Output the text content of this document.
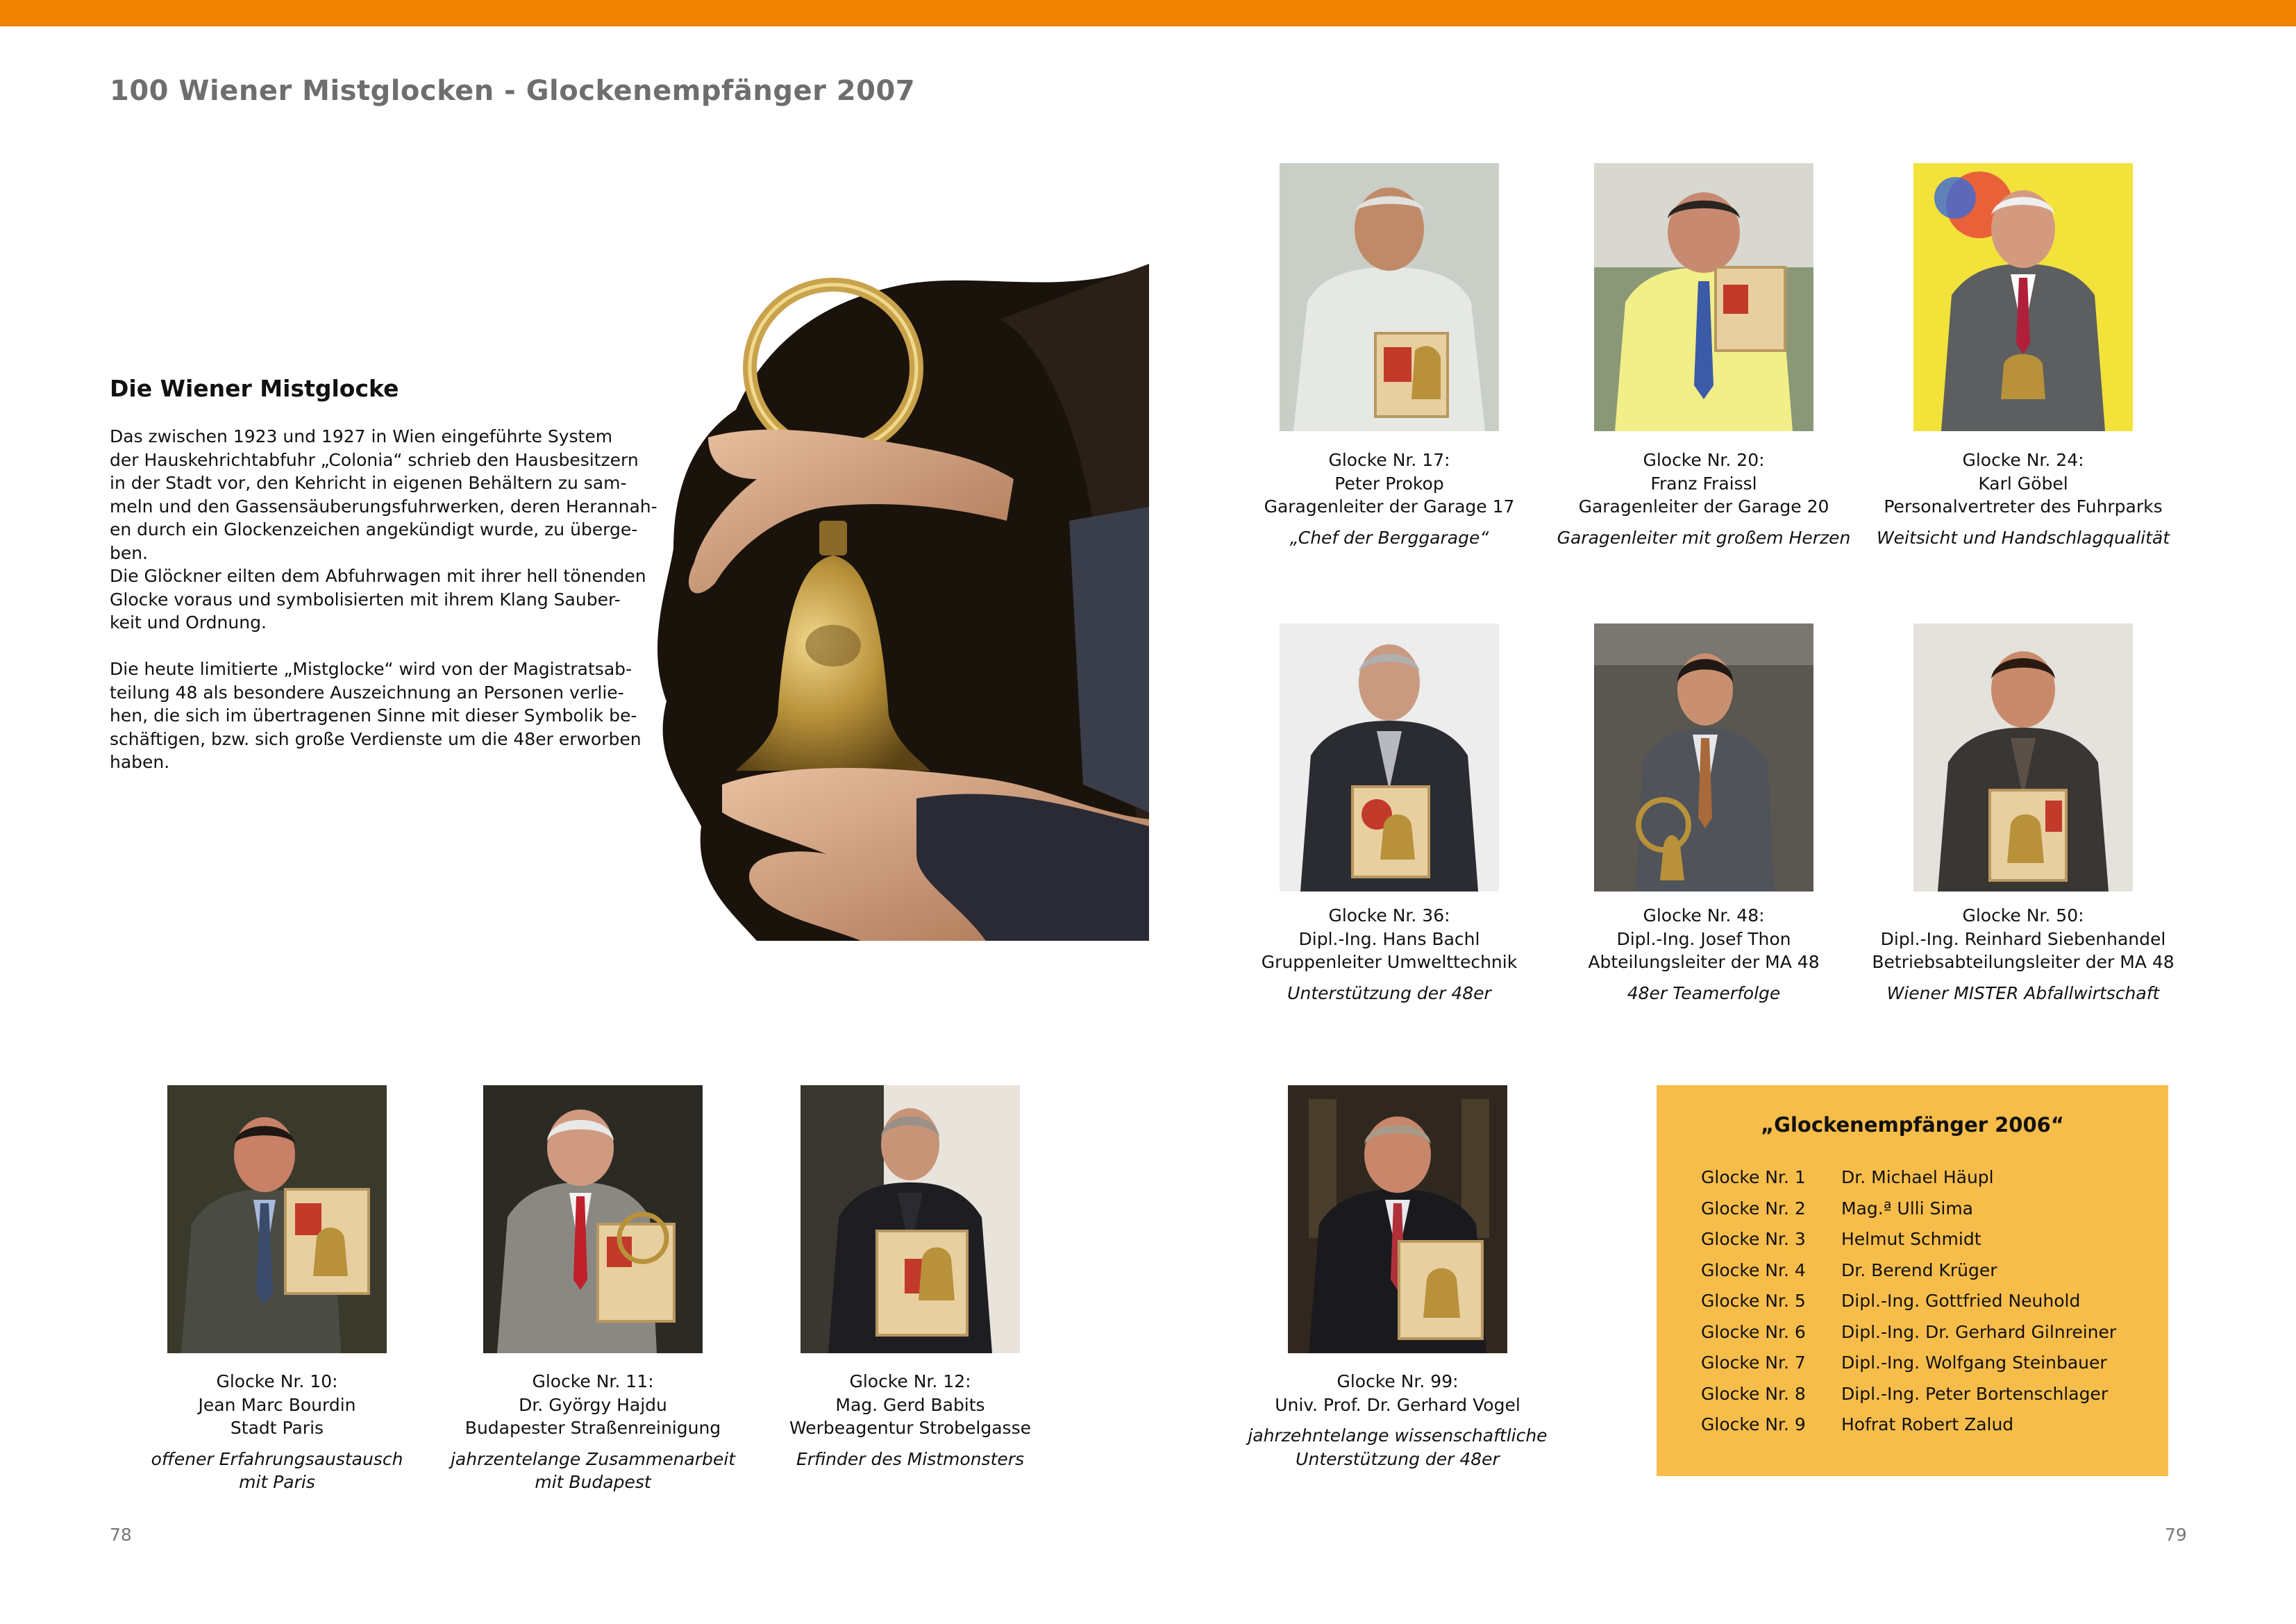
100 Wiener Mistglocken - Glockenempfänger 2007
Die Wiener Mistglocke

Das zwischen 1923 und 1927 in Wien eingeführte System

der Hauskehrichtabfuhr „Colonia“ schrieb den Hausbesitzern

in der Stadt vor, den Kehricht in eigenen Behältern zu sam-

meln und den Gassensäuberungsfuhrwerken, deren Herannah-

en durch ein Glockenzeichen angekündigt wurde, zu überge-

ben.

Die Glöckner eilten dem Abfuhrwagen mit ihrer hell tönenden

Glocke voraus und symbolisierten mit ihrem Klang Sauber-

keit und Ordnung.

Die heute limitierte „Mistglocke“ wird von der Magistratsab-

teilung 48 als besondere Auszeichnung an Personen verlie-

hen, die sich im übertragenen Sinne mit dieser Symbolik be-

schäftigen, bzw. sich große Verdienste um die 48er erworben

haben.

Glocke Nr. 17:
Peter Prokop
Garagenleiter der Garage 17
„Chef der Berggarage“
Glocke Nr. 20:
Franz Fraissl
Garagenleiter der Garage 20
Garagenleiter mit großem Herzen
Glocke Nr. 24:
Karl Göbel
Personalvertreter des Fuhrparks
Weitsicht und Handschlagqualität
Glocke Nr. 36:
Dipl.-Ing. Hans Bachl
Gruppenleiter Umwelttechnik
Unterstützung der 48er
Glocke Nr. 48:
Dipl.-Ing. Josef Thon
Abteilungsleiter der MA 48
48er Teamerfolge
Glocke Nr. 50:
Dipl.-Ing. Reinhard Siebenhandel
Betriebsabteilungsleiter der MA 48
Wiener MISTER Abfallwirtschaft
Glocke Nr. 10:
Jean Marc Bourdin
Stadt Paris
offener Erfahrungsaustausch
mit Paris
Glocke Nr. 11:
Dr. György Hajdu
Budapester Straßenreinigung
jahrzentelange Zusammenarbeit
mit Budapest
Glocke Nr. 12:
Mag. Gerd Babits
Werbeagentur Strobelgasse
Erfinder des Mistmonsters
Glocke Nr. 99:
Univ. Prof. Dr. Gerhard Vogel
jahrzehntelange wissenschaftliche
Unterstützung der 48er
„Glockenempfänger 2006“
Glocke Nr. 1 Dr. Michael Häupl
Glocke Nr. 2 Mag.ª Ulli Sima
Glocke Nr. 3 Helmut Schmidt
Glocke Nr. 4 Dr. Berend Krüger
Glocke Nr. 5 Dipl.-Ing. Gottfried Neuhold
Glocke Nr. 6 Dipl.-Ing. Dr. Gerhard Gilnreiner
Glocke Nr. 7 Dipl.-Ing. Wolfgang Steinbauer
Glocke Nr. 8 Dipl.-Ing. Peter Bortenschlager
Glocke Nr. 9 Hofrat Robert Zalud
78	79
